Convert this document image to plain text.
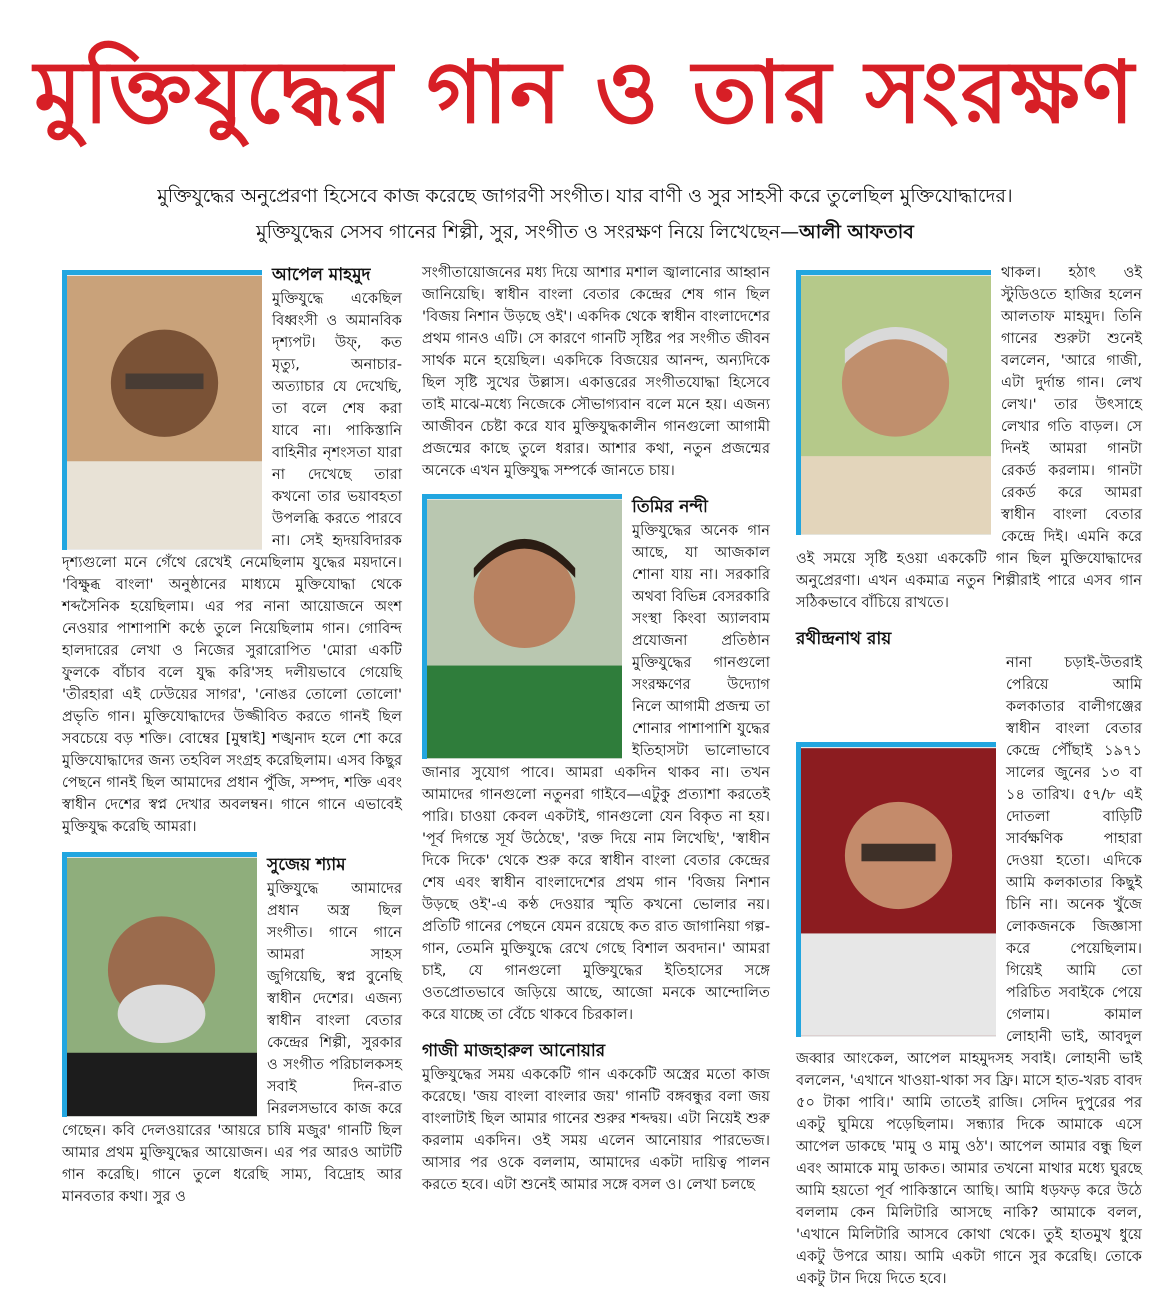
মুক্তিযুদ্ধের গান ও তার সংরক্ষণ
মুক্তিযুদ্ধের অনুপ্রেরণা হিসেবে কাজ করেছে জাগরণী সংগীত। যার বাণী ও সুর সাহসী করে তুলেছিল মুক্তিযোদ্ধাদের।
মুক্তিযুদ্ধের সেসব গানের শিল্পী, সুর, সংগীত ও সংরক্ষণ নিয়ে লিখেছেন—আলী আফতাব
আপেল মাহমুদ

মুক্তিযুদ্ধে একেছিল বিধ্বংসী ও অমানবিক দৃশ্যপট। উফ্‌, কত মৃত্যু, অনাচার-অত্যাচার যে দেখেছি, তা বলে শেষ করা যাবে না। পাকিস্তানি বাহিনীর নৃশংসতা যারা না দেখেছে তারা কখনো তার ভয়াবহতা উপলব্ধি করতে পারবে না। সেই হৃদয়বিদারক দৃশ্যগুলো মনে গেঁথে রেখেই নেমেছিলাম যুদ্ধের ময়দানে। 'বিক্ষুব্ধ বাংলা' অনুষ্ঠানের মাধ্যমে মুক্তিযোদ্ধা থেকে শব্দসৈনিক হয়েছিলাম। এর পর নানা আয়োজনে অংশ নেওয়ার পাশাপাশি কণ্ঠে তুলে নিয়েছিলাম গান। গোবিন্দ হালদারের লেখা ও নিজের সুরারোপিত 'মোরা একটি ফুলকে বাঁচাব বলে যুদ্ধ করি'সহ দলীয়ভাবে গেয়েছি 'তীরহারা এই ঢেউয়ের সাগর', 'নোঙর তোলো তোলো' প্রভৃতি গান। মুক্তিযোদ্ধাদের উজ্জীবিত করতে গানই ছিল সবচেয়ে বড় শক্তি। বোম্বের [মুম্বাই] শঙ্খনাদ হলে শো করে মুক্তিযোদ্ধাদের জন্য তহবিল সংগ্রহ করেছিলাম। এসব কিছুর পেছনে গানই ছিল আমাদের প্রধান পুঁজি, সম্পদ, শক্তি এবং স্বাধীন দেশের স্বপ্ন দেখার অবলম্বন। গানে গানে এভাবেই মুক্তিযুদ্ধ করেছি আমরা।

সুজেয় শ্যাম

মুক্তিযুদ্ধে আমাদের প্রধান অস্ত্র ছিল সংগীত। গানে গানে আমরা সাহস জুগিয়েছি, স্বপ্ন বুনেছি স্বাধীন দেশের। এজন্য স্বাধীন বাংলা বেতার কেন্দ্রের শিল্পী, সুরকার ও সংগীত পরিচালকসহ সবাই দিন-রাত নিরলসভাবে কাজ করে গেছেন। কবি দেলওয়ারের 'আয়রে চাষি মজুর' গানটি ছিল আমার প্রথম মুক্তিযুদ্ধের আয়োজন। এর পর আরও আটটি গান করেছি। গানে তুলে ধরেছি সাম্য, বিদ্রোহ আর মানবতার কথা। সুর ও

সংগীতায়োজনের মধ্য দিয়ে আশার মশাল জ্বালানোর আহ্বান জানিয়েছি। স্বাধীন বাংলা বেতার কেন্দ্রের শেষ গান ছিল 'বিজয় নিশান উড়ছে ওই'। একদিক থেকে স্বাধীন বাংলাদেশের প্রথম গানও এটি। সে কারণে গানটি সৃষ্টির পর সংগীত জীবন সার্থক মনে হয়েছিল। একদিকে বিজয়ের আনন্দ, অন্যদিকে ছিল সৃষ্টি সুখের উল্লাস। একাত্তরের সংগীতযোদ্ধা হিসেবে তাই মাঝে-মধ্যে নিজেকে সৌভাগ্যবান বলে মনে হয়। এজন্য আজীবন চেষ্টা করে যাব মুক্তিযুদ্ধকালীন গানগুলো আগামী প্রজন্মের কাছে তুলে ধরার। আশার কথা, নতুন প্রজন্মের অনেকে এখন মুক্তিযুদ্ধ সম্পর্কে জানতে চায়।

তিমির নন্দী

মুক্তিযুদ্ধের অনেক গান আছে, যা আজকাল শোনা যায় না। সরকারি অথবা বিভিন্ন বেসরকারি সংস্থা কিংবা অ্যালবাম প্রযোজনা প্রতিষ্ঠান মুক্তিযুদ্ধের গানগুলো সংরক্ষণের উদ্যোগ নিলে আগামী প্রজন্ম তা শোনার পাশাপাশি যুদ্ধের ইতিহাসটা ভালোভাবে জানার সুযোগ পাবে। আমরা একদিন থাকব না। তখন আমাদের গানগুলো নতুনরা গাইবে—এটুকু প্রত্যাশা করতেই পারি। চাওয়া কেবল একটাই, গানগুলো যেন বিকৃত না হয়। 'পূর্ব দিগন্তে সূর্য উঠেছে', 'রক্ত দিয়ে নাম লিখেছি', 'স্বাধীন দিকে দিকে' থেকে শুরু করে স্বাধীন বাংলা বেতার কেন্দ্রের শেষ এবং স্বাধীন বাংলাদেশের প্রথম গান 'বিজয় নিশান উড়ছে ওই'-এ কণ্ঠ দেওয়ার স্মৃতি কখনো ভোলার নয়। প্রতিটি গানের পেছনে যেমন রয়েছে কত রাত জাগানিয়া গল্প-গান, তেমনি মুক্তিযুদ্ধে রেখে গেছে বিশাল অবদান।' আমরা চাই, যে গানগুলো মুক্তিযুদ্ধের ইতিহাসের সঙ্গে ওতপ্রোতভাবে জড়িয়ে আছে, আজো মনকে আন্দোলিত করে যাচ্ছে তা বেঁচে থাকবে চিরকাল।

গাজী মাজহারুল আনোয়ার

মুক্তিযুদ্ধের সময় এককেটি গান এককেটি অস্ত্রের মতো কাজ করেছে। 'জয় বাংলা বাংলার জয়' গানটি বঙ্গবন্ধুর বলা জয় বাংলাটাই ছিল আমার গানের শুরুর শব্দদ্বয়। এটা নিয়েই শুরু করলাম একদিন। ওই সময় এলেন আনোয়ার পারভেজ। আসার পর ওকে বললাম, আমাদের একটা দায়িত্ব পালন করতে হবে। এটা শুনেই আমার সঙ্গে বসল ও। লেখা চলছে

থাকল। হঠাৎ ওই স্টুডিওতে হাজির হলেন আলতাফ মাহমুদ। তিনি গানের শুরুটা শুনেই বললেন, 'আরে গাজী, এটা দুর্দান্ত গান। লেখ লেখ।' তার উৎসাহে লেখার গতি বাড়ল। সে দিনই আমরা গানটা রেকর্ড করলাম। গানটা রেকর্ড করে আমরা স্বাধীন বাংলা বেতার কেন্দ্রে দিই। এমনি করে ওই সময়ে সৃষ্টি হওয়া এককেটি গান ছিল মুক্তিযোদ্ধাদের অনুপ্রেরণা। এখন একমাত্র নতুন শিল্পীরাই পারে এসব গান সঠিকভাবে বাঁচিয়ে রাখতে।

রথীন্দ্রনাথ রায়

নানা চড়াই-উতরাই পেরিয়ে আমি কলকাতার বালীগঞ্জের স্বাধীন বাংলা বেতার কেন্দ্রে পৌঁছাই ১৯৭১ সালের জুনের ১৩ বা ১৪ তারিখ। ৫৭/৮ এই দোতলা বাড়িটি সার্বক্ষণিক পাহারা দেওয়া হতো। এদিকে আমি কলকাতার কিছুই চিনি না। অনেক খুঁজে লোকজনকে জিজ্ঞাসা করে পেয়েছিলাম। গিয়েই আমি তো পরিচিত সবাইকে পেয়ে গেলাম। কামাল লোহানী ভাই, আবদুল জব্বার আংকেল, আপেল মাহমুদসহ সবাই। লোহানী ভাই বললেন, 'এখানে খাওয়া-থাকা সব ফ্রি। মাসে হাত-খরচ বাবদ ৫০ টাকা পাবি।' আমি তাতেই রাজি। সেদিন দুপুরের পর একটু ঘুমিয়ে পড়েছিলাম। সন্ধ্যার দিকে আমাকে এসে আপেল ডাকছে 'মামু ও মামু ওঠ'। আপেল আমার বন্ধু ছিল এবং আমাকে মামু ডাকত। আমার তখনো মাথার মধ্যে ঘুরছে আমি হয়তো পূর্ব পাকিস্তানে আছি। আমি ধড়ফড় করে উঠে বললাম কেন মিলিটারি আসছে নাকি? আমাকে বলল, 'এখানে মিলিটারি আসবে কোথা থেকে। তুই হাতমুখ ধুয়ে একটু উপরে আয়। আমি একটা গানে সুর করেছি। তোকে একটু টান দিয়ে দিতে হবে।
